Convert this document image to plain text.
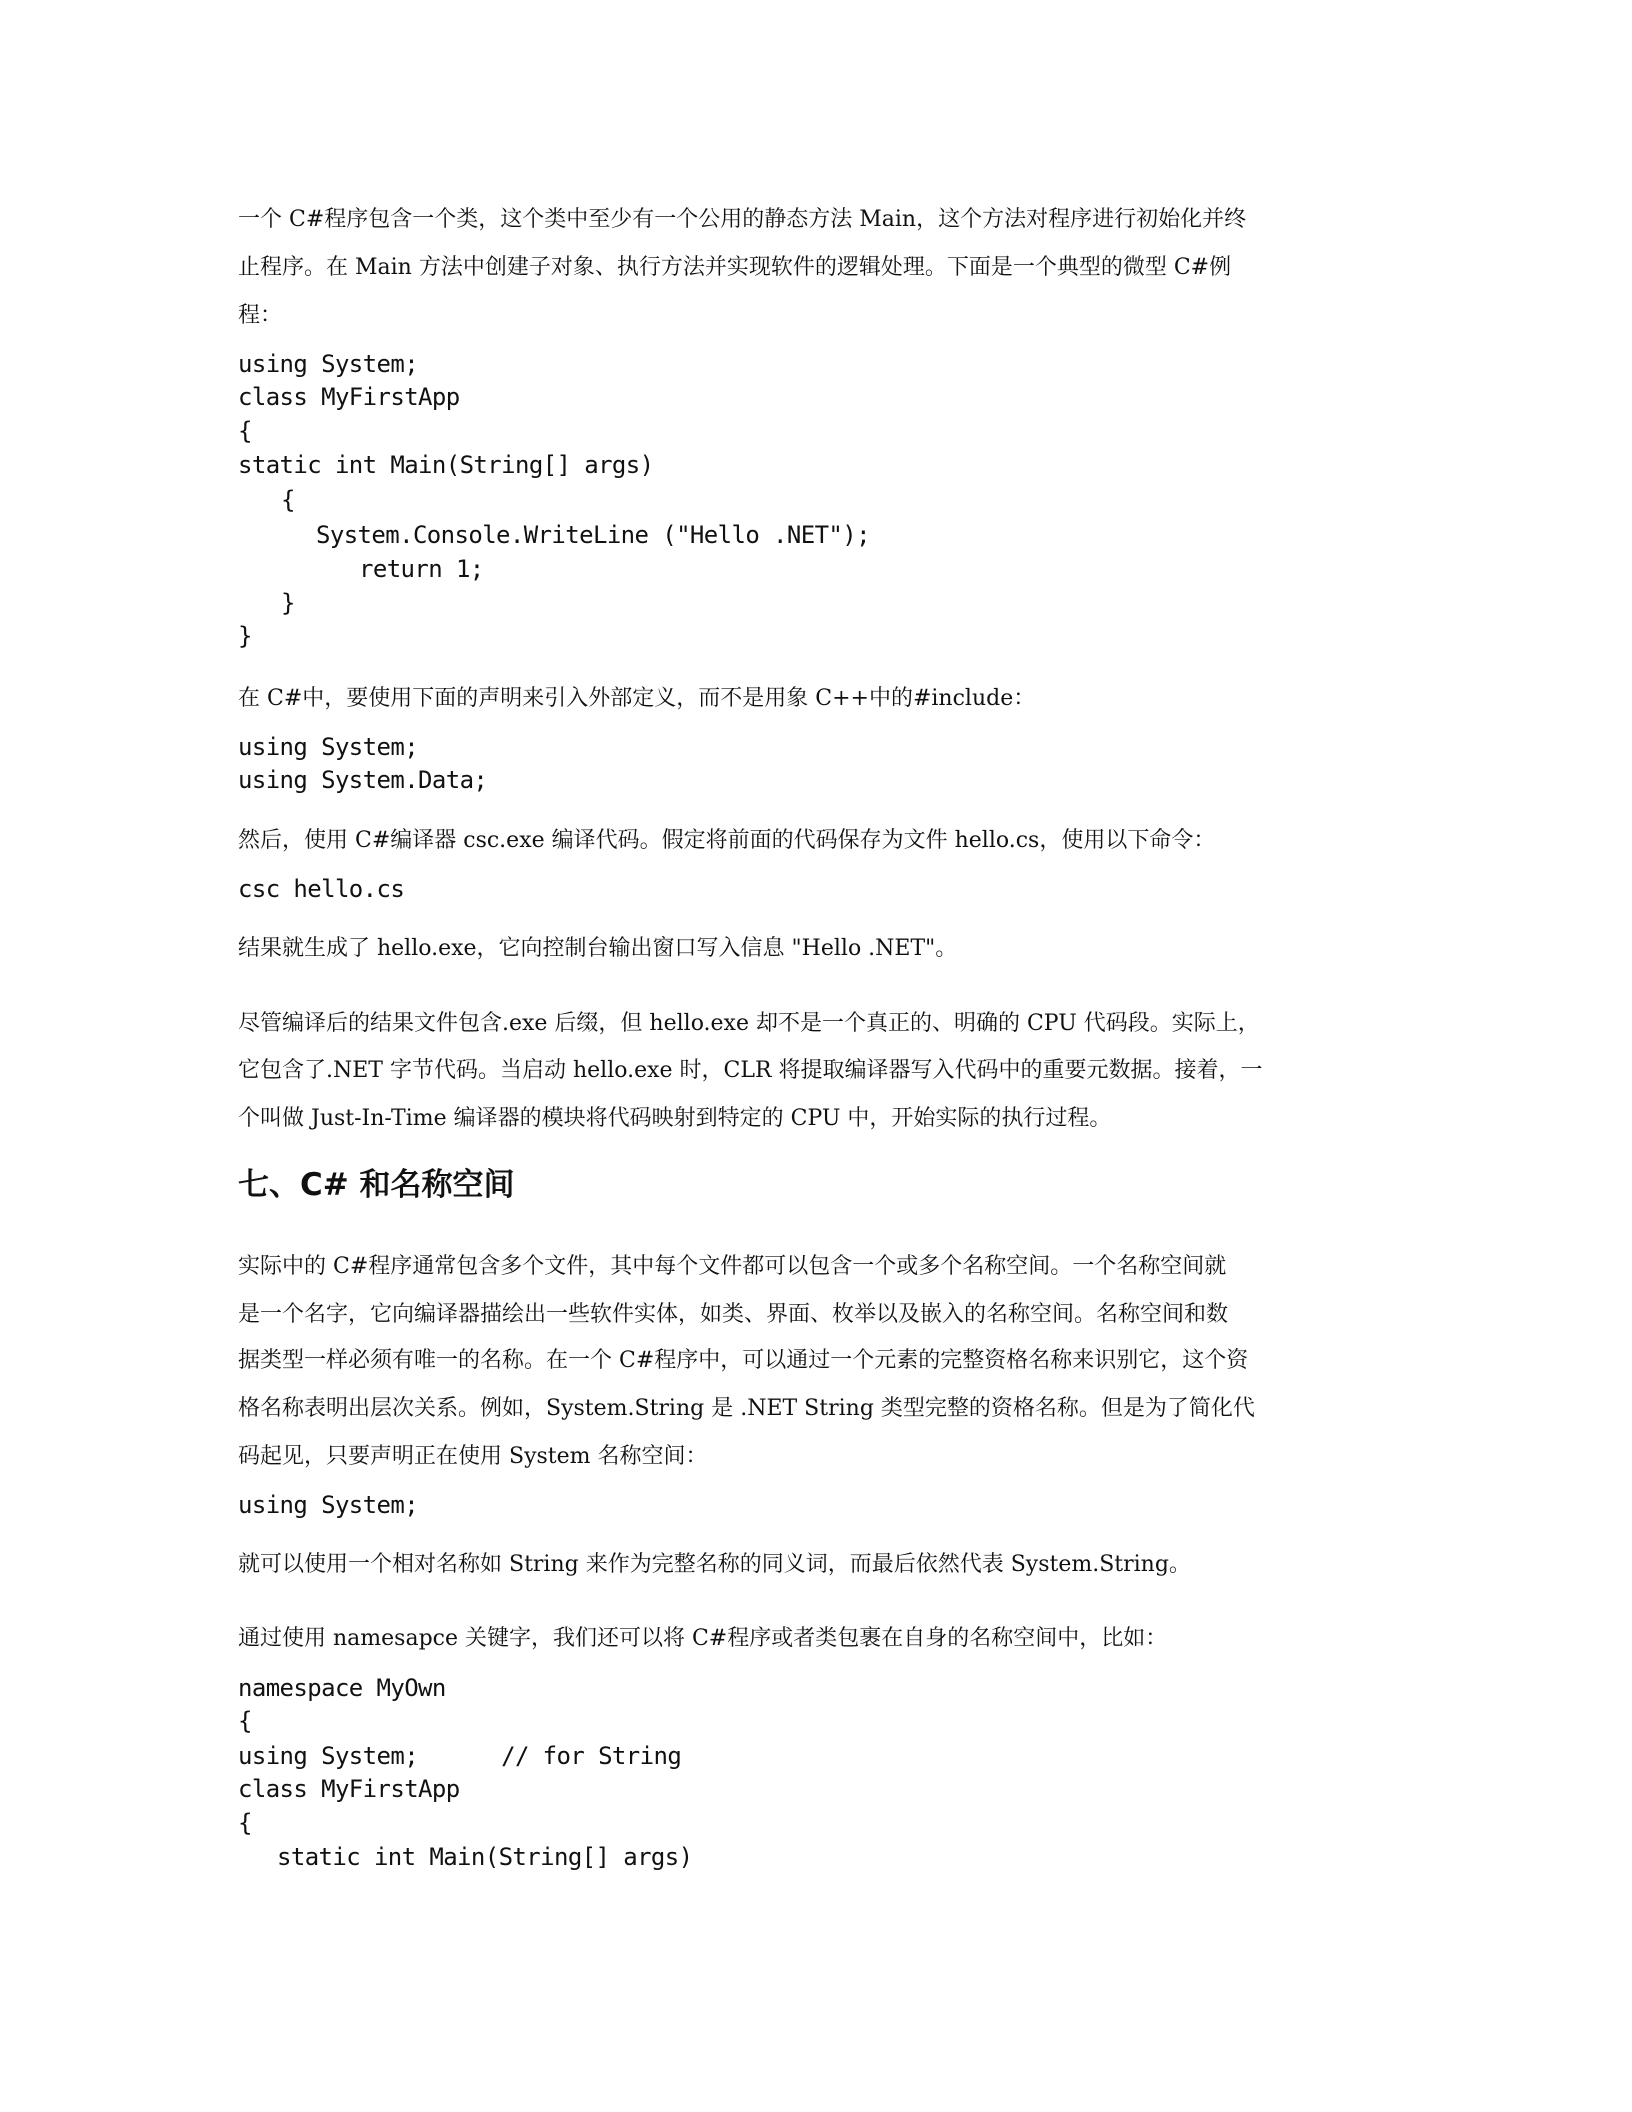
一个 C#程序包含一个类，这个类中至少有一个公用的静态方法 Main，这个方法对程序进行初始化并终
止程序。在 Main 方法中创建子对象、执行方法并实现软件的逻辑处理。下面是一个典型的微型 C#例
程：
using System;
class MyFirstApp
{
static int Main(String[] args)
{
System.Console.WriteLine ("Hello .NET");
return 1;
}
}
在 C#中，要使用下面的声明来引入外部定义，而不是用象 C++中的#include：
using System;
using System.Data;
然后，使用 C#编译器 csc.exe 编译代码。假定将前面的代码保存为文件 hello.cs，使用以下命令：
csc hello.cs
结果就生成了 hello.exe，它向控制台输出窗口写入信息 "Hello .NET"。
尽管编译后的结果文件包含.exe 后缀，但 hello.exe 却不是一个真正的、明确的 CPU 代码段。实际上，
它包含了.NET 字节代码。当启动 hello.exe 时，CLR 将提取编译器写入代码中的重要元数据。接着，一
个叫做 Just-In-Time 编译器的模块将代码映射到特定的 CPU 中，开始实际的执行过程。
七、C# 和名称空间
实际中的 C#程序通常包含多个文件，其中每个文件都可以包含一个或多个名称空间。一个名称空间就
是一个名字，它向编译器描绘出一些软件实体，如类、界面、枚举以及嵌入的名称空间。名称空间和数
据类型一样必须有唯一的名称。在一个 C#程序中，可以通过一个元素的完整资格名称来识别它，这个资
格名称表明出层次关系。例如，System.String 是 .NET String 类型完整的资格名称。但是为了简化代
码起见，只要声明正在使用 System 名称空间：
using System;
就可以使用一个相对名称如 String 来作为完整名称的同义词，而最后依然代表 System.String。
通过使用 namesapce 关键字，我们还可以将 C#程序或者类包裹在自身的名称空间中，比如：
namespace MyOwn
{
using System;      // for String
class MyFirstApp
{
static int Main(String[] args)
